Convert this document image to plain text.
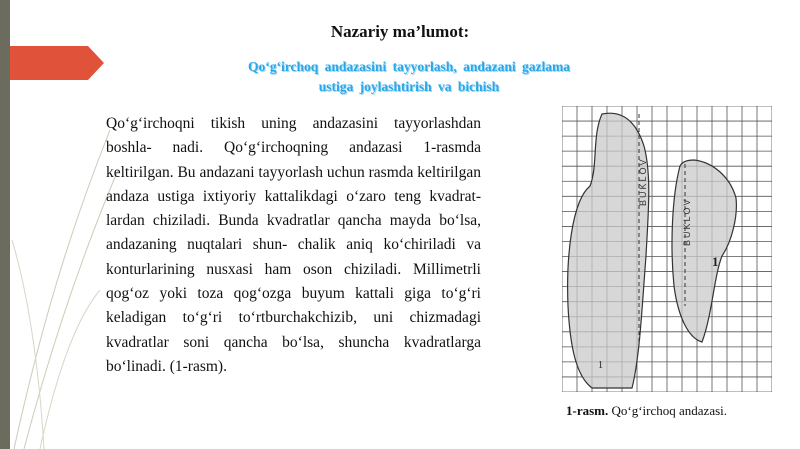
Nazariy ma’lumot:
Qo‘g‘irchoq andazasini tayyorlash, andazani gazlama
ustiga joylashtirish va bichish
Qo‘g‘irchoqni tikish uning andazasini tayyorlashdan boshla- nadi. Qo‘g‘irchoqning andazasi 1-rasmda keltirilgan. Bu andazani tayyorlash uchun rasmda keltirilgan andaza ustiga ixtiyoriy kattalikdagi o‘zaro teng kvadrat- lardan chiziladi. Bunda kvadratlar qancha mayda bo‘lsa, andazaning nuqtalari shun- chalik aniq ko‘chiriladi va konturlarining nusxasi ham oson chiziladi. Millimetrli qog‘oz yoki toza qog‘ozga buyum kattali giga to‘g‘ri keladigan to‘g‘ri to‘rtburchakchizib, uni chizmadagi kvadratlar soni qancha bo‘lsa, shuncha kvadratlarga bo‘linadi. (1-rasm).
BUKLOV
BUKLOV
1
1
1-rasm. Qo‘g‘irchoq andazasi.
